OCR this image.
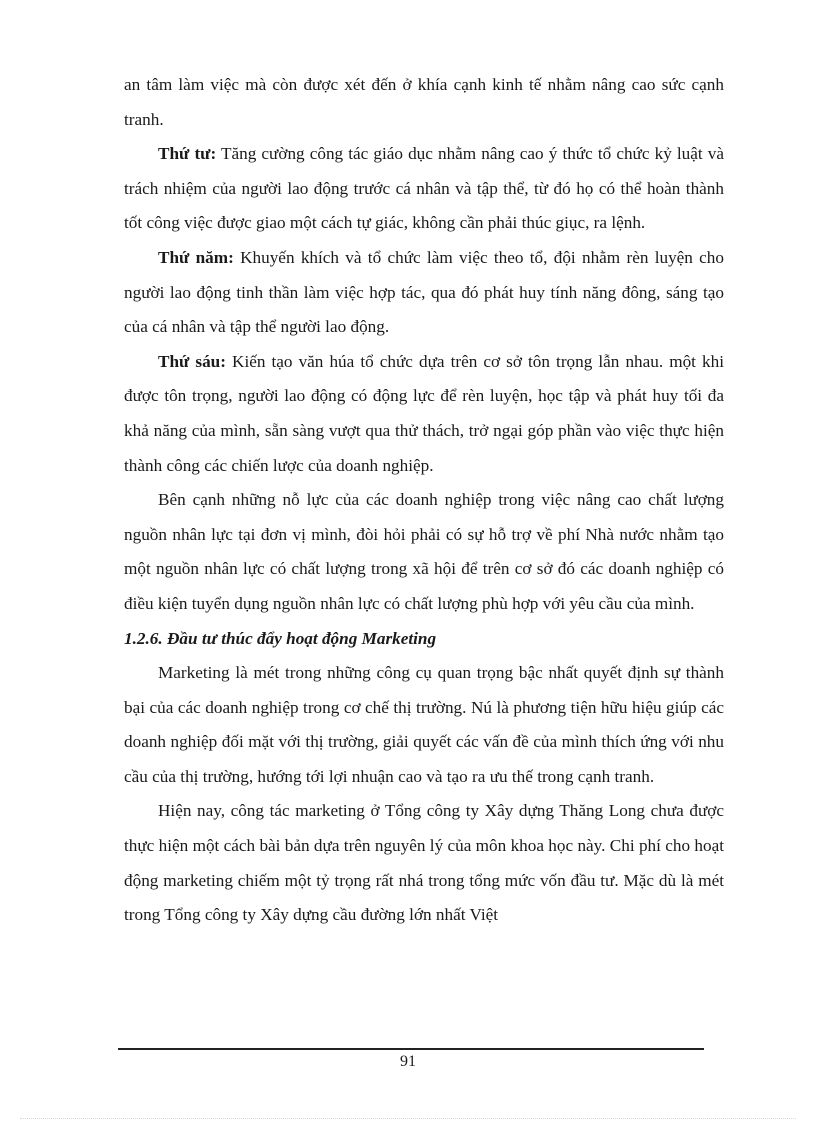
an tâm làm việc mà còn được xét đến ở khía cạnh kinh tế nhằm nâng cao sức cạnh tranh.

Thứ tư: Tăng cường công tác giáo dục nhằm nâng cao ý thức tổ chức kỷ luật và trách nhiệm của người lao động trước cá nhân và tập thể, từ đó họ có thể hoàn thành tốt công việc được giao một cách tự giác, không cần phải thúc giục, ra lệnh.

Thứ năm: Khuyến khích và tổ chức làm việc theo tổ, đội nhằm rèn luyện cho người lao động tinh thần làm việc hợp tác, qua đó phát huy tính năng đông, sáng tạo của cá nhân và tập thể người lao động.

Thứ sáu: Kiến tạo văn húa tổ chức dựa trên cơ sở tôn trọng lẫn nhau. một khi được tôn trọng, người lao động có động lực để rèn luyện, học tập và phát huy tối đa khả năng của mình, sẵn sàng vượt qua thử thách, trở ngại góp phần vào việc thực hiện thành công các chiến lược của doanh nghiệp.

Bên cạnh những nỗ lực của các doanh nghiệp trong việc nâng cao chất lượng nguồn nhân lực tại đơn vị mình, đòi hỏi phải có sự hỗ trợ về phí Nhà nước nhằm tạo một nguồn nhân lực có chất lượng trong xã hội để trên cơ sở đó các doanh nghiệp có điều kiện tuyển dụng nguồn nhân lực có chất lượng phù hợp với yêu cầu của mình.

1.2.6. Đầu tư thúc đẩy hoạt động Marketing

Marketing là mét trong những công cụ quan trọng bậc nhất quyết định sự thành bại của các doanh nghiệp trong cơ chế thị trường. Nú là phương tiện hữu hiệu giúp các doanh nghiệp đối mặt với thị trường, giải quyết các vấn đề của mình thích ứng với nhu cầu của thị trường, hướng tới lợi nhuận cao và tạo ra ưu thế trong cạnh tranh.

Hiện nay, công tác marketing ở Tổng công ty Xây dựng Thăng Long chưa được thực hiện một cách bài bản dựa trên nguyên lý của môn khoa học này. Chi phí cho hoạt động marketing chiếm một tỷ trọng rất nhá trong tổng mức vốn đầu tư. Mặc dù là mét trong Tổng công ty Xây dựng cầu đường lớn nhất Việt

91
